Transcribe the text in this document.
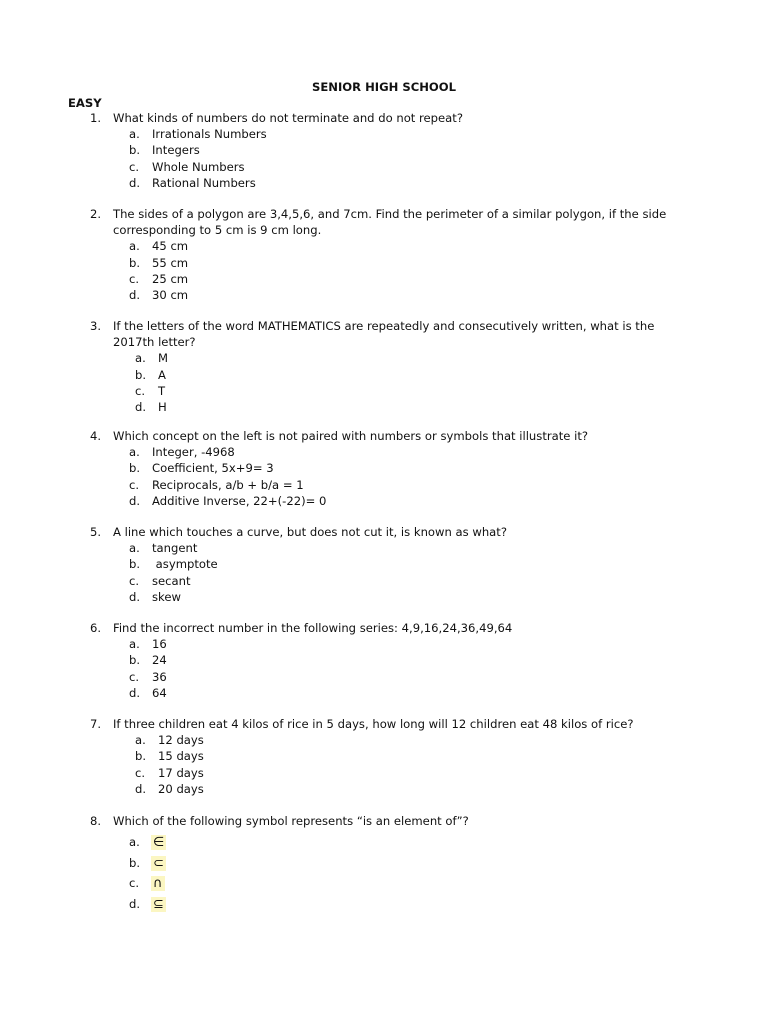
SENIOR HIGH SCHOOL
EASY
1. What kinds of numbers do not terminate and do not repeat?
a. Irrationals Numbers
b. Integers
c. Whole Numbers
d. Rational Numbers
2. The sides of a polygon are 3,4,5,6, and 7cm. Find the perimeter of a similar polygon, if the side
corresponding to 5 cm is 9 cm long.
a. 45 cm
b. 55 cm
c. 25 cm
d. 30 cm
3. If the letters of the word MATHEMATICS are repeatedly and consecutively written, what is the
2017th letter?
a. M
b. A
c. T
d. H
4. Which concept on the left is not paired with numbers or symbols that illustrate it?
a. Integer, -4968
b. Coefficient, 5x+9= 3
c. Reciprocals, a/b + b/a = 1
d. Additive Inverse, 22+(-22)= 0
5. A line which touches a curve, but does not cut it, is known as what?
a. tangent
b. asymptote
c. secant
d. skew
6. Find the incorrect number in the following series: 4,9,16,24,36,49,64
a. 16
b. 24
c. 36
d. 64
7. If three children eat 4 kilos of rice in 5 days, how long will 12 children eat 48 kilos of rice?
a. 12 days
b. 15 days
c. 17 days
d. 20 days
8. Which of the following symbol represents “is an element of”?
a. ∈
b. ⊂
c. ∩
d. ⊆
